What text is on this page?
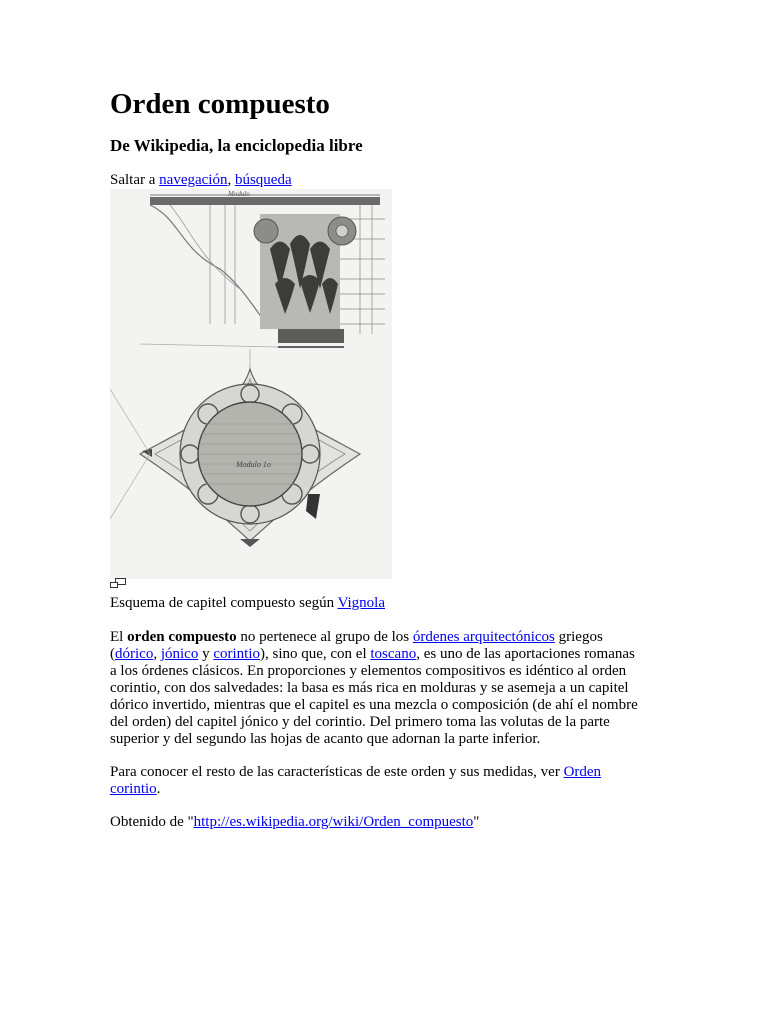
Orden compuesto
De Wikipedia, la enciclopedia libre
Saltar a navegación, búsqueda
Modulo
Modulo 1o
Esquema de capitel compuesto según Vignola
El orden compuesto no pertenece al grupo de los órdenes arquitectónicos griegos
(dórico, jónico y corintio), sino que, con el toscano, es uno de las aportaciones romanas
a los órdenes clásicos. En proporciones y elementos compositivos es idéntico al orden
corintio, con dos salvedades: la basa es más rica en molduras y se asemeja a un capitel
dórico invertido, mientras que el capitel es una mezcla o composición (de ahí el nombre
del orden) del capitel jónico y del corintio. Del primero toma las volutas de la parte
superior y del segundo las hojas de acanto que adornan la parte inferior.
Para conocer el resto de las características de este orden y sus medidas, ver Orden
corintio.
Obtenido de "http://es.wikipedia.org/wiki/Orden_compuesto"
